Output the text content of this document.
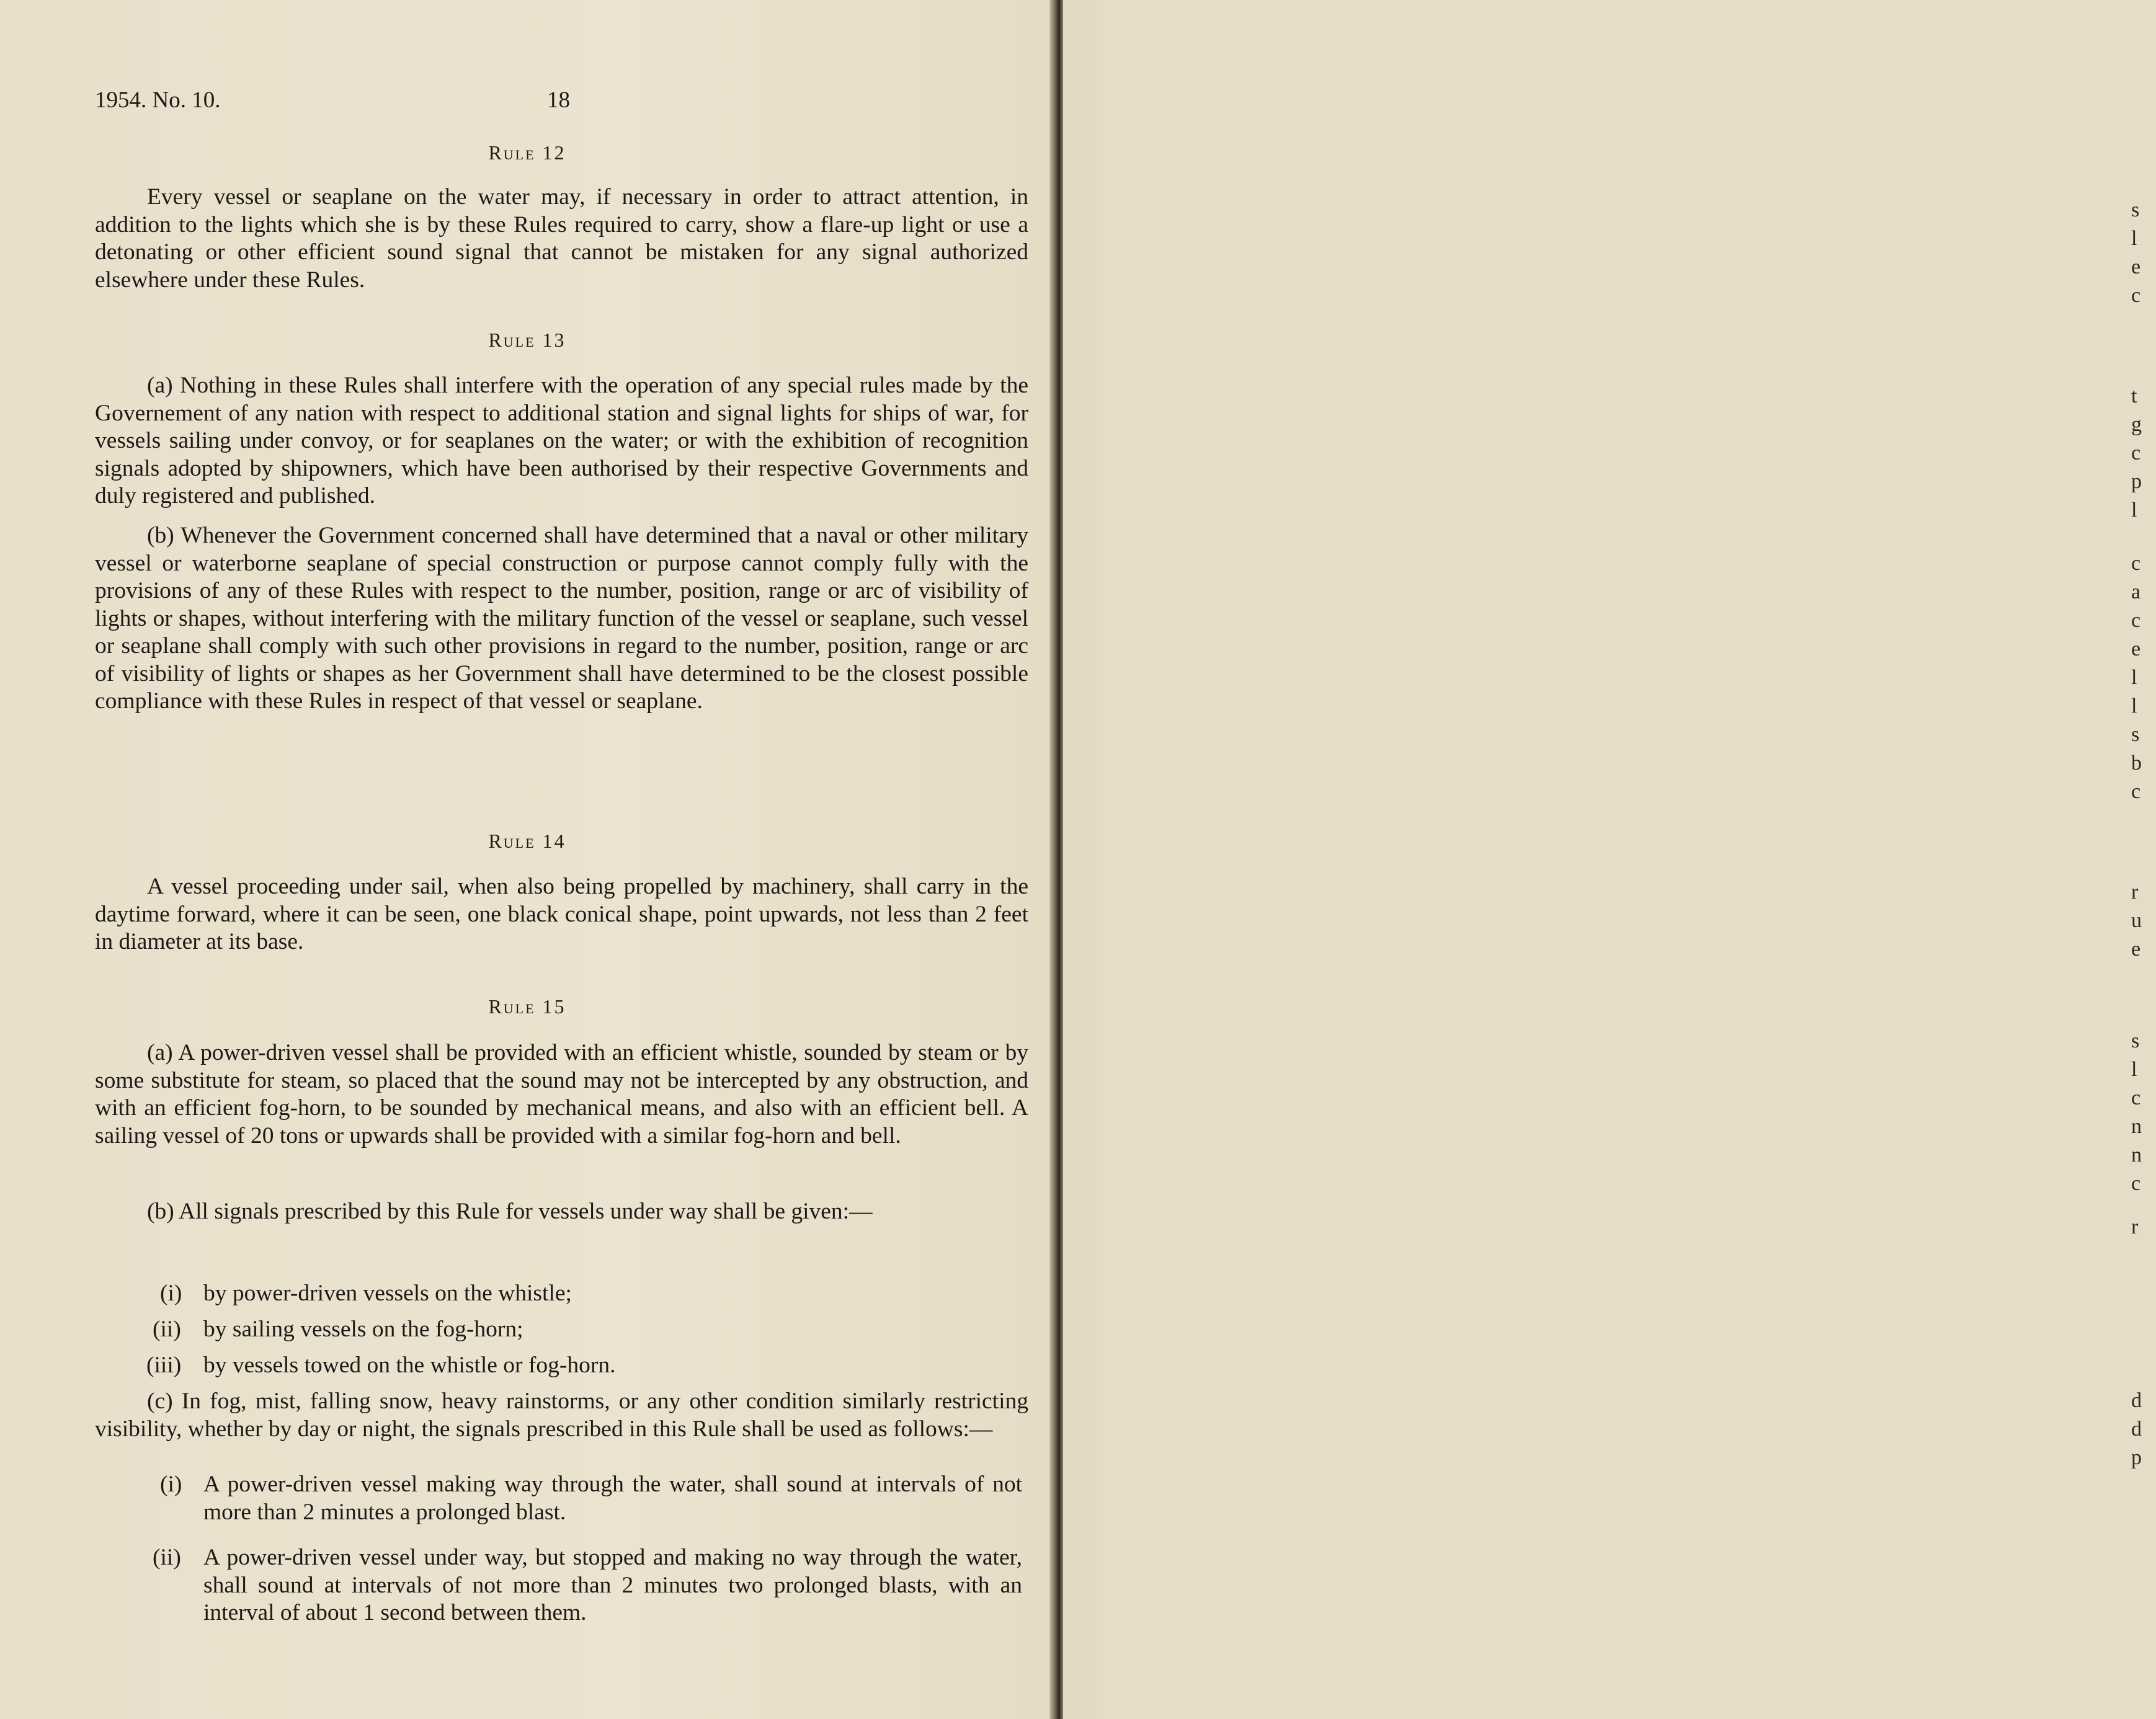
1954. No. 10.	18
Rule 12
Every vessel or seaplane on the water may, if necessary in order to attract attention, in addition to the lights which she is by these Rules required to carry, show a flare-up light or use a detonating or other efficient sound signal that cannot be mistaken for any signal authorized elsewhere under these Rules.
Rule 13
(a) Nothing in these Rules shall interfere with the operation of any special rules made by the Governement of any nation with respect to additional station and signal lights for ships of war, for vessels sailing under convoy, or for seaplanes on the water; or with the exhibition of recognition signals adopted by shipowners, which have been authorised by their respective Governments and duly registered and published.
(b) Whenever the Government concerned shall have determined that a naval or other military vessel or waterborne seaplane of special construction or purpose cannot comply fully with the provisions of any of these Rules with respect to the number, position, range or arc of visibility of lights or shapes, without interfering with the military function of the vessel or seaplane, such vessel or seaplane shall comply with such other provisions in regard to the number, position, range or arc of visibility of lights or shapes as her Government shall have determined to be the closest possible compliance with these Rules in respect of that vessel or seaplane.
Rule 14
A vessel proceeding under sail, when also being propelled by machinery, shall carry in the daytime forward, where it can be seen, one black conical shape, point upwards, not less than 2 feet in diameter at its base.
Rule 15
(a) A power-driven vessel shall be provided with an efficient whistle, sounded by steam or by some substitute for steam, so placed that the sound may not be intercepted by any obstruction, and with an efficient fog-horn, to be sounded by mechanical means, and also with an efficient bell. A sailing vessel of 20 tons or upwards shall be provided with a similar fog-horn and bell.
(b) All signals prescribed by this Rule for vessels under way shall be given:—
(i) by power-driven vessels on the whistle;
(ii) by sailing vessels on the fog-horn;
(iii) by vessels towed on the whistle or fog-horn.
(c) In fog, mist, falling snow, heavy rainstorms, or any other condition similarly restricting visibility, whether by day or night, the signals prescribed in this Rule shall be used as follows:—
(i) A power-driven vessel making way through the water, shall sound at intervals of not more than 2 minutes a prolonged blast.
(ii) A power-driven vessel under way, but stopped and making no way through the water, shall sound at intervals of not more than 2 minutes two prolonged blasts, with an interval of about 1 second between them.
s
l
e
c
t
g
c
p
l
c
a
c
e
l
l
s
b
c
r
u
e
s
l
c
n
n
c
r
d
d
p
